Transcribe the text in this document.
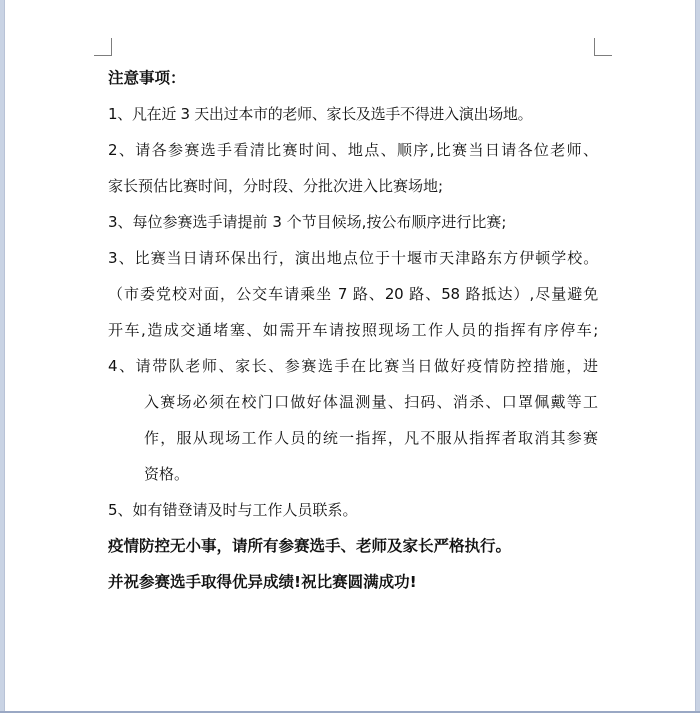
注意事项：
1、凡在近 3 天出过本市的老师、家长及选手不得进入演出场地。
2、请各参赛选手看清比赛时间、地点、顺序,比赛当日请各位老师、
家长预估比赛时间，分时段、分批次进入比赛场地;
3、每位参赛选手请提前 3 个节目候场,按公布顺序进行比赛;
3、比赛当日请环保出行，演出地点位于十堰市天津路东方伊顿学校。
（市委党校对面，公交车请乘坐 7 路、20 路、58 路抵达）,尽量避免
开车,造成交通堵塞、如需开车请按照现场工作人员的指挥有序停车;
4、请带队老师、家长、参赛选手在比赛当日做好疫情防控措施，进
入赛场必须在校门口做好体温测量、扫码、消杀、口罩佩戴等工
作，服从现场工作人员的统一指挥，凡不服从指挥者取消其参赛
资格。
5、如有错登请及时与工作人员联系。
疫情防控无小事，请所有参赛选手、老师及家长严格执行。
并祝参赛选手取得优异成绩!祝比赛圆满成功!
